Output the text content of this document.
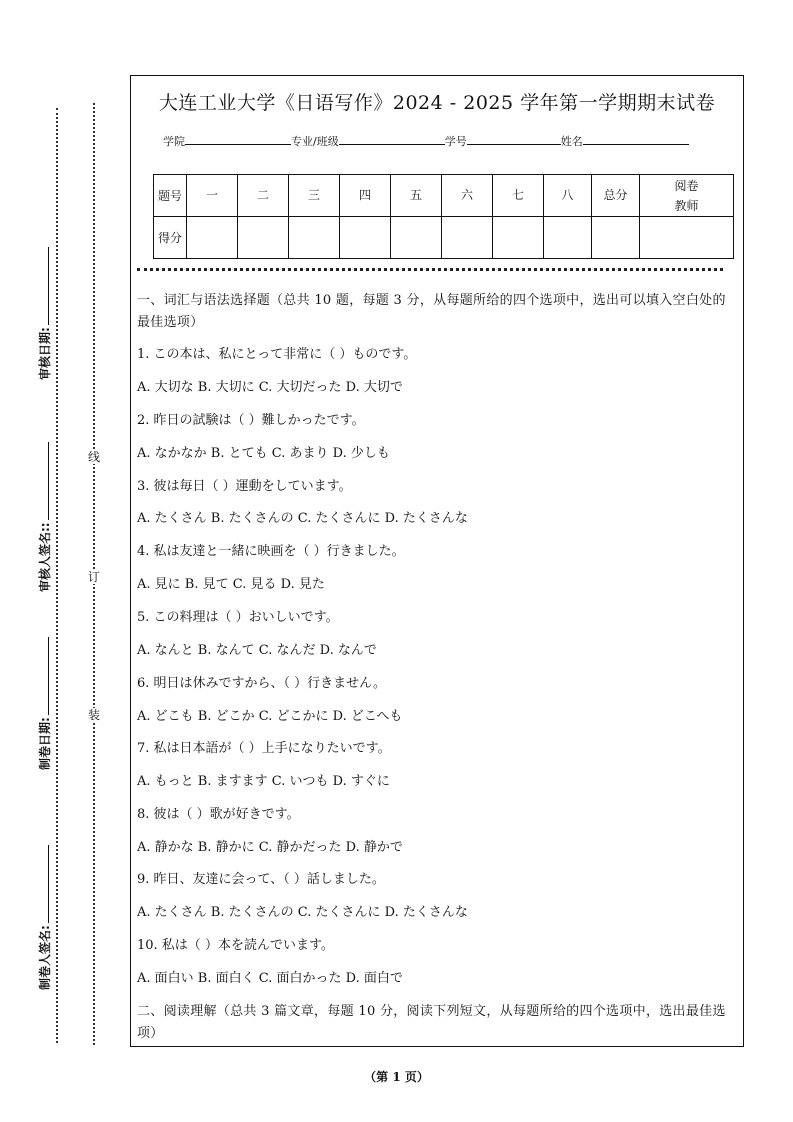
审核日期:
审核人签名::
制卷日期:
制卷人签名:
线
订
装
大连工业大学《日语写作》2024 - 2025 学年第一学期期末试卷
学院	专业/班级	学号	姓名
题号	一	二	三	四	五	六	七	八	总分	阅卷教师
得分										
一、词汇与语法选择题（总共 10 题，每题 3 分，从每题所给的四个选项中，选出可以填入空白处的最佳选项）
1. この本は、私にとって非常に（ ）ものです。
A. 大切な B. 大切に C. 大切だった D. 大切で
2. 昨日の試験は（ ）難しかったです。
A. なかなか B. とても C. あまり D. 少しも
3. 彼は毎日（ ）運動をしています。
A. たくさん B. たくさんの C. たくさんに D. たくさんな
4. 私は友達と一緒に映画を（ ）行きました。
A. 見に B. 見て C. 見る D. 見た
5. この料理は（ ）おいしいです。
A. なんと B. なんて C. なんだ D. なんで
6. 明日は休みですから、（ ）行きません。
A. どこも B. どこか C. どこかに D. どこへも
7. 私は日本語が（ ）上手になりたいです。
A. もっと B. ますます C. いつも D. すぐに
8. 彼は（ ）歌が好きです。
A. 静かな B. 静かに C. 静かだった D. 静かで
9. 昨日、友達に会って、（ ）話しました。
A. たくさん B. たくさんの C. たくさんに D. たくさんな
10. 私は（ ）本を読んでいます。
A. 面白い B. 面白く C. 面白かった D. 面白で
二、阅读理解（总共 3 篇文章，每题 10 分，阅读下列短文，从每题所给的四个选项中，选出最佳选项）
（第 1 页）
